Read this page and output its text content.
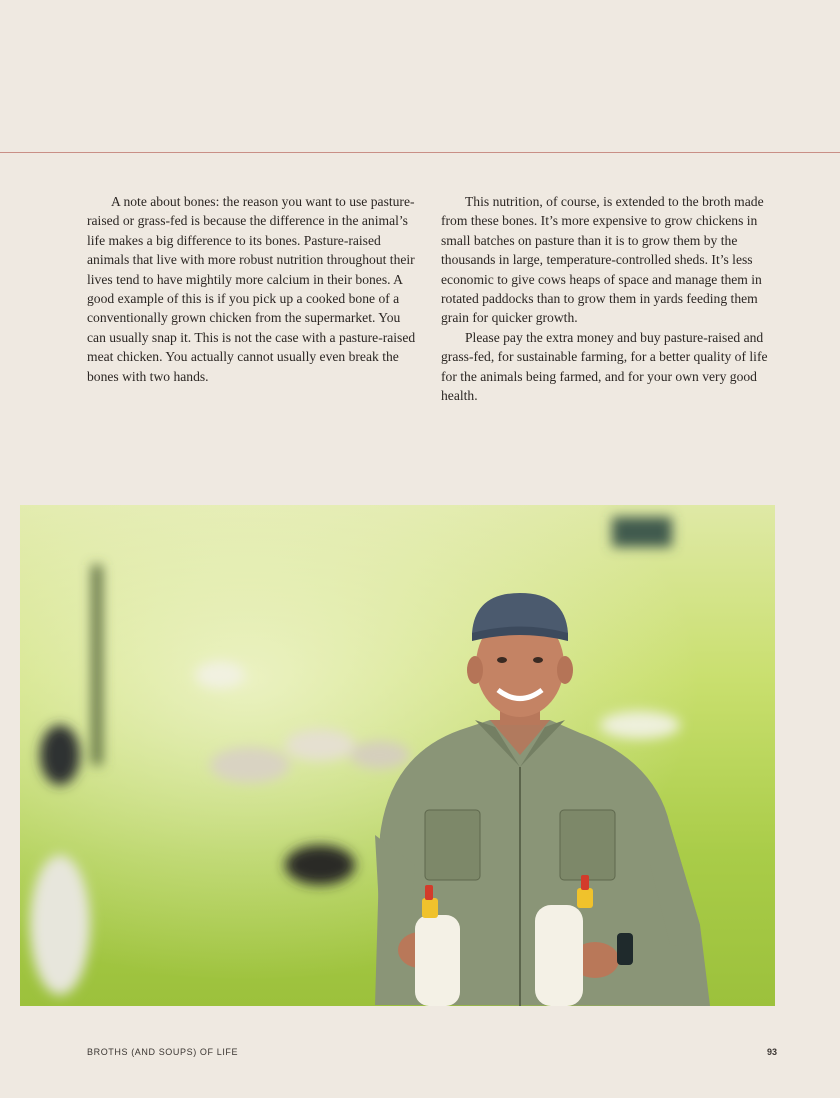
A note about bones: the reason you want to use pasture-raised or grass-fed is because the difference in the animal’s life makes a big difference to its bones. Pasture-raised animals that live with more robust nutrition throughout their lives tend to have mightily more calcium in their bones. A good example of this is if you pick up a cooked bone of a conventionally grown chicken from the supermarket. You can usually snap it. This is not the case with a pasture-raised meat chicken. You actually cannot usually even break the bones with two hands.

This nutrition, of course, is extended to the broth made from these bones. It’s more expensive to grow chickens in small batches on pasture than it is to grow them by the thousands in large, temperature-controlled sheds. It’s less economic to give cows heaps of space and manage them in rotated paddocks than to grow them in yards feeding them grain for quicker growth.

Please pay the extra money and buy pasture-raised and grass-fed, for sustainable farming, for a better quality of life for the animals being farmed, and for your own very good health.

BROTHS (AND SOUPS) OF LIFE	93
